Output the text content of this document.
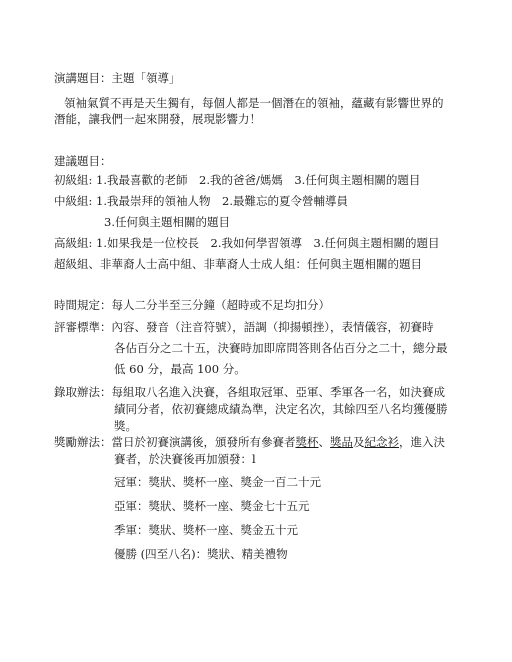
演講題目：主題「領導」
領袖氣質不再是天生獨有，每個人都是一個潛在的領袖，蘊藏有影響世界的
潛能，讓我們一起來開發，展現影響力！
建議題目：
初級組: 1.我最喜歡的老師　2.我的爸爸/媽媽　3.任何與主題相關的題目
中級組: 1.我最崇拜的領袖人物　2.最難忘的夏令營輔導員
3.任何與主題相關的題目
高級組: 1.如果我是一位校長　2.我如何學習領導　3.任何與主題相關的題目
超級組、非華裔人士高中組、非華裔人士成人組：任何與主題相關的題目
時間規定：每人二分半至三分鐘（超時或不足均扣分）
評審標準：內容、發音（注音符號），語調（抑揚頓挫），表情儀容，初賽時
各佔百分之二十五，決賽時加即席問答則各佔百分之二十，總分最
低 60 分，最高 100 分。
錄取辦法：每組取八名進入決賽，各組取冠軍、亞軍、季軍各一名，如決賽成
績同分者，依初賽總成績為準，決定名次，其餘四至八名均獲優勝
獎。
獎勵辦法：當日於初賽演講後，頒發所有參賽者獎杯、獎品及紀念衫，進入決
賽者，於決賽後再加頒發：l
冠軍：獎狀、獎杯一座、獎金一百二十元
亞軍：獎狀、獎杯一座、獎金七十五元
季軍：獎狀、獎杯一座、獎金五十元
優勝 (四至八名)：獎狀、精美禮物
